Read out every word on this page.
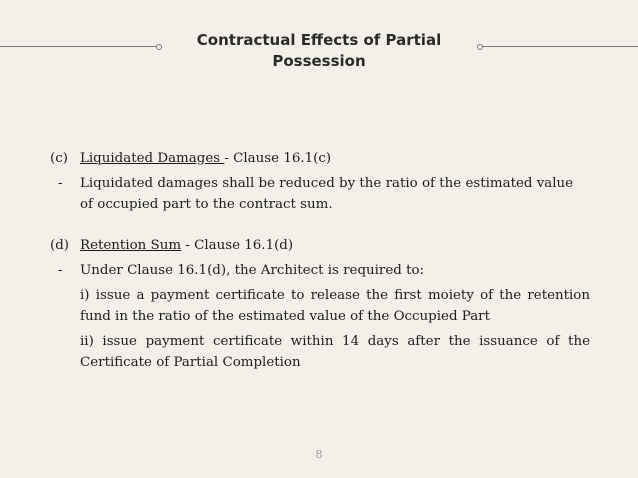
Contractual Effects of Partial
Possession
(c) Liquidated Damages - Clause 16.1(c)
-	Liquidated damages shall be reduced by the ratio of the estimated value of occupied part to the contract sum.
(d) Retention Sum - Clause 16.1(d)
-	Under Clause 16.1(d), the Architect is required to:
i) issue a payment certificate to release the first moiety of the retention fund in the ratio of the estimated value of the Occupied Part
ii) issue payment certificate within 14 days after the issuance of the Certificate of Partial Completion
8
